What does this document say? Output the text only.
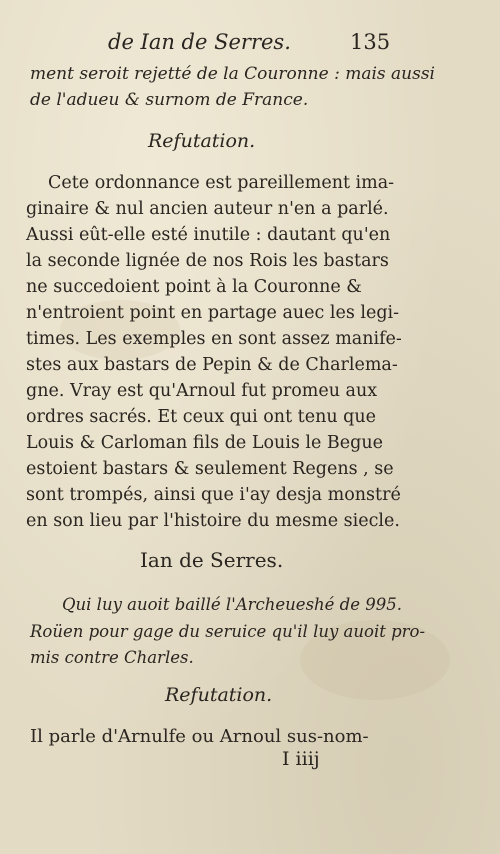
de Ian de Serres.	135
ment seroit rejetté de la Couronne : mais aussi
de l'adueu & surnom de France.
Refutation.
Cete ordonnance est pareillement ima-
ginaire & nul ancien auteur n'en a parlé.
Aussi eût-elle esté inutile : dautant qu'en
la seconde lignée de nos Rois les bastars
ne succedoient point à la Couronne &
n'entroient point en partage auec les legi-
times. Les exemples en sont assez manife-
stes aux bastars de Pepin & de Charlema-
gne. Vray est qu'Arnoul fut promeu aux
ordres sacrés. Et ceux qui ont tenu que
Louis & Carloman fils de Louis le Begue
estoient bastars & seulement Regens , se
sont trompés, ainsi que i'ay desja monstré
en son lieu par l'histoire du mesme siecle.
Ian de Serres.
Qui luy auoit baillé l'Archeueshé de 995.
Roüen pour gage du seruice qu'il luy auoit pro-
mis contre Charles.
Refutation.
Il parle d'Arnulfe ou Arnoul sus-nom-
I iiij
